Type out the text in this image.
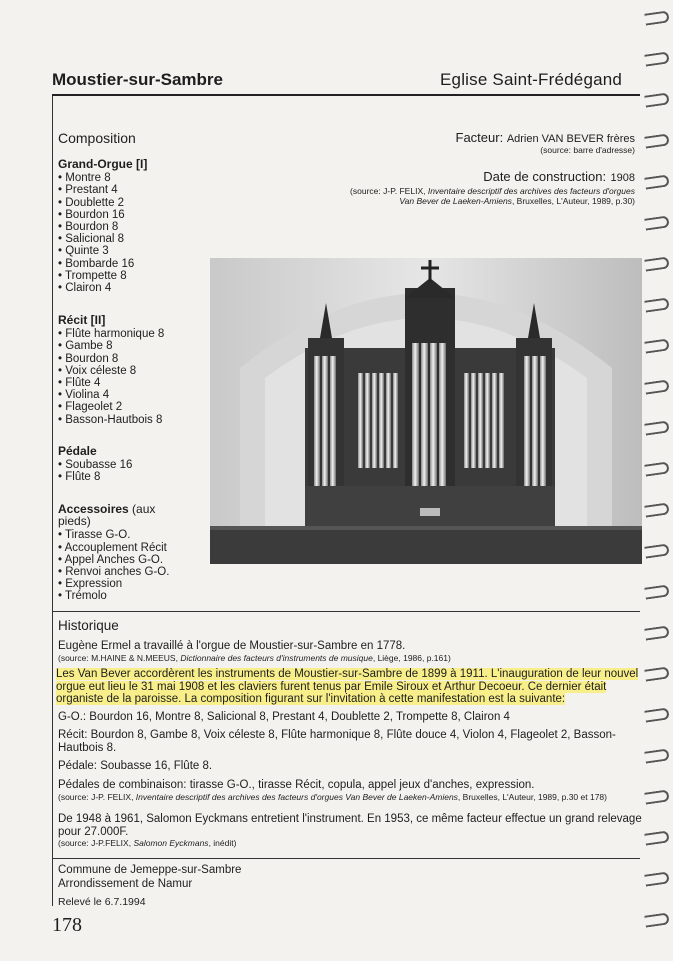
Moustier-sur-Sambre	Eglise Saint-Frédégand
Composition	Facteur: Adrien VAN BEVER frères
(source: barre d'adresse)
Date de construction: 1908
(source: J-P. FELIX, Inventaire descriptif des archives des facteurs d'orgues Van Bever de Laeken-Amiens, Bruxelles, L'Auteur, 1989, p.30)
Grand-Orgue [I]
• Montre 8
• Prestant 4
• Doublette 2
• Bourdon 16
• Bourdon 8
• Salicional 8
• Quinte 3
• Bombarde 16
• Trompette 8
• Clairon 4
Récit [II]
• Flûte harmonique 8
• Gambe 8
• Bourdon 8
• Voix céleste 8
• Flûte 4
• Violina 4
• Flageolet 2
• Basson-Hautbois 8
Pédale
• Soubasse 16
• Flûte 8
Accessoires (aux pieds)
• Tirasse G-O.
• Accouplement Récit
• Appel Anches G-O.
• Renvoi anches G-O.
• Expression
• Trémolo
Historique
Eugène Ermel a travaillé à l'orgue de Moustier-sur-Sambre en 1778.
(source: M.HAINE & N.MEEUS, Dictionnaire des facteurs d'instruments de musique, Liège, 1986, p.161)
Les Van Bever accordèrent les instruments de Moustier-sur-Sambre de 1899 à 1911. L'inauguration de leur nouvel orgue eut lieu le 31 mai 1908 et les claviers furent tenus par Emile Siroux et Arthur Decoeur. Ce dernier était organiste de la paroisse. La composition figurant sur l'invitation à cette manifestation est la suivante:
G-O.: Bourdon 16, Montre 8, Salicional 8, Prestant 4, Doublette 2, Trompette 8, Clairon 4
Récit: Bourdon 8, Gambe 8, Voix céleste 8, Flûte harmonique 8, Flûte douce 4, Violon 4, Flageolet 2, Basson-Hautbois 8.
Pédale: Soubasse 16, Flûte 8.
Pédales de combinaison: tirasse G-O., tirasse Récit, copula, appel jeux d'anches, expression.
(source: J-P. FELIX, Inventaire descriptif des archives des facteurs d'orgues Van Bever de Laeken-Amiens, Bruxelles, L'Auteur, 1989, p.30 et 178)
De 1948 à 1961, Salomon Eyckmans entretient l'instrument. En 1953, ce même facteur effectue un grand relevage pour 27.000F.
(source: J-P.FELIX, Salomon Eyckmans, inédit)
Commune de Jemeppe-sur-Sambre
Arrondissement de Namur
Relevé le 6.7.1994
178
